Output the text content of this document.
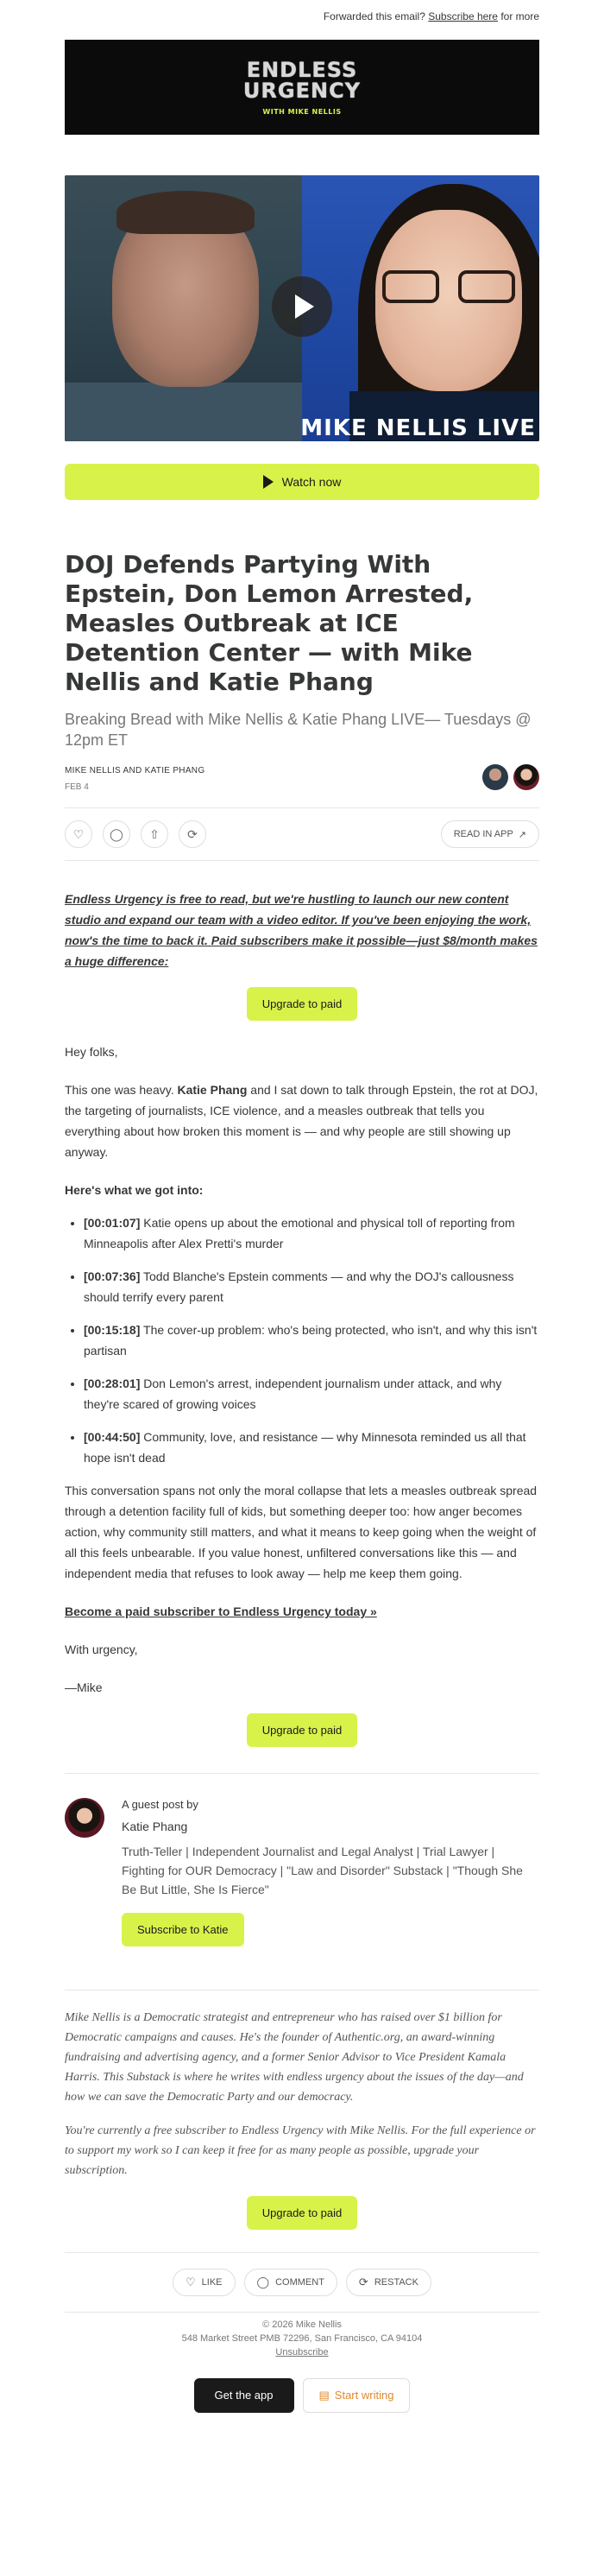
Forwarded this email? Subscribe here for more
ENDLESS
URGENCY
WITH MIKE NELLIS
MIKE NELLIS LIVE
Watch now
DOJ Defends Partying With Epstein, Don Lemon Arrested, Measles Outbreak at ICE Detention Center — with Mike Nellis and Katie Phang
Breaking Bread with Mike Nellis & Katie Phang LIVE— Tuesdays @ 12pm ET
MIKE NELLIS AND KATIE PHANG
FEB 4
♡	◯	⇧	⟳	READ IN APP ↗
Endless Urgency is free to read, but we're hustling to launch our new content studio and expand our team with a video editor. If you've been enjoying the work, now's the time to back it. Paid subscribers make it possible—just $8/month makes a huge difference:
Upgrade to paid

Hey folks,

This one was heavy. Katie Phang and I sat down to talk through Epstein, the rot at DOJ, the targeting of journalists, ICE violence, and a measles outbreak that tells you everything about how broken this moment is — and why people are still showing up anyway.

Here's what we got into:

• [00:01:07] Katie opens up about the emotional and physical toll of reporting from Minneapolis after Alex Pretti's murder
• [00:07:36] Todd Blanche's Epstein comments — and why the DOJ's callousness should terrify every parent
• [00:15:18] The cover-up problem: who's being protected, who isn't, and why this isn't partisan
• [00:28:01] Don Lemon's arrest, independent journalism under attack, and why they're scared of growing voices
• [00:44:50] Community, love, and resistance — why Minnesota reminded us all that hope isn't dead

This conversation spans not only the moral collapse that lets a measles outbreak spread through a detention facility full of kids, but something deeper too: how anger becomes action, why community still matters, and what it means to keep going when the weight of all this feels unbearable. If you value honest, unfiltered conversations like this — and independent media that refuses to look away — help me keep them going.

Become a paid subscriber to Endless Urgency today »

With urgency,

—Mike

Upgrade to paid
A guest post by
Katie Phang
Truth-Teller | Independent Journalist and Legal Analyst | Trial Lawyer | Fighting for OUR Democracy | "Law and Disorder" Substack | "Though She Be But Little, She Is Fierce"
Subscribe to Katie

Mike Nellis is a Democratic strategist and entrepreneur who has raised over $1 billion for Democratic campaigns and causes. He's the founder of Authentic.org, an award-winning fundraising and advertising agency, and a former Senior Advisor to Vice President Kamala Harris. This Substack is where he writes with endless urgency about the issues of the day—and how we can save the Democratic Party and our democracy.

You're currently a free subscriber to Endless Urgency with Mike Nellis. For the full experience or to support my work so I can keep it free for as many people as possible, upgrade your subscription.

Upgrade to paid
♡ LIKE	◯ COMMENT	⟳ RESTACK
© 2026 Mike Nellis
548 Market Street PMB 72296, San Francisco, CA 94104
Unsubscribe
Get the app	▤ Start writing
